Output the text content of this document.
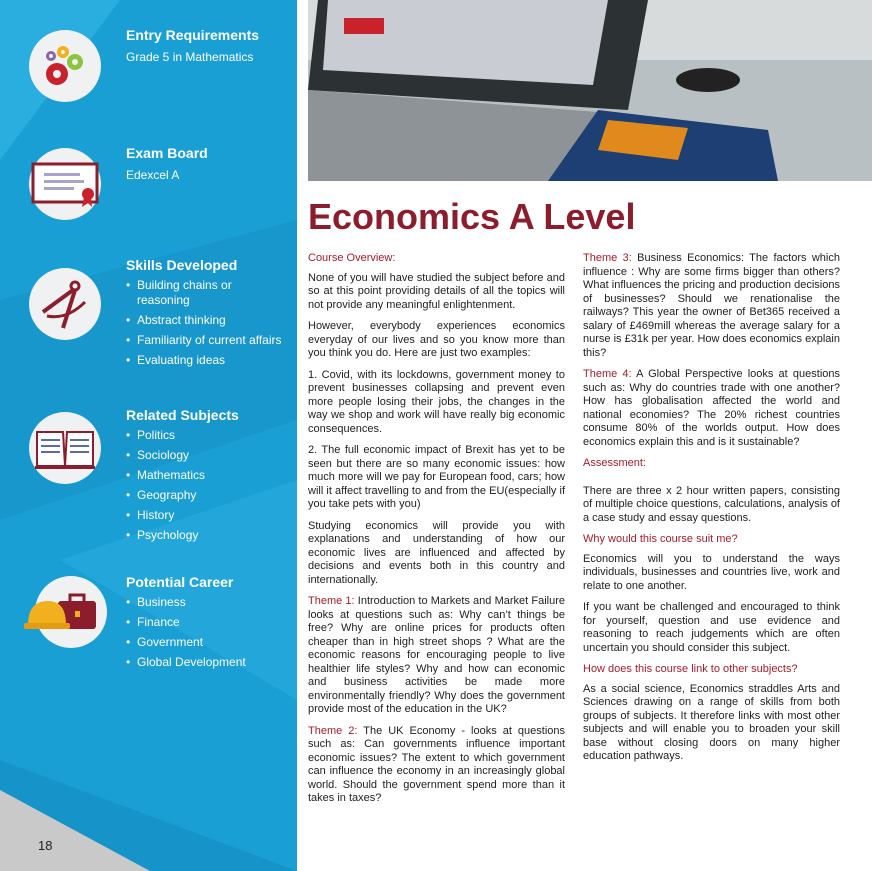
Entry Requirements
Grade 5 in Mathematics
Exam Board
Edexcel A
Skills Developed
• Building chains or reasoning
• Abstract thinking
• Familiarity of current affairs
• Evaluating ideas
Related Subjects
• Politics
• Sociology
• Mathematics
• Geography
• History
• Psychology
Potential Career
• Business
• Finance
• Government
• Global Development
18
Economics A Level
Course Overview:

None of you will have studied the subject before and so at this point providing details of all the topics will not provide any meaningful enlightenment.

However, everybody experiences economics everyday of our lives and so you know more than you think you do. Here are just two examples:

1. Covid, with its lockdowns, government money to prevent businesses collapsing and prevent even more people losing their jobs, the changes in the way we shop and work will have really big economic consequences.

2. The full economic impact of Brexit has yet to be seen but there are so many economic issues: how much more will we pay for European food, cars; how will it affect travelling to and from the EU(especially if you take pets with you)

Studying economics will provide you with explanations and understanding of how our economic lives are influenced and affected by decisions and events both in this country and internationally.

Theme 1: Introduction to Markets and Market Failure looks at questions such as: Why can’t things be free? Why are online prices for products often cheaper than in high street shops ? What are the economic reasons for encouraging people to live healthier life styles? Why and how can economic and business activities be made more environmentally friendly? Why does the government provide most of the education in the UK?

Theme 2: The UK Economy - looks at questions such as: Can governments influence important economic issues? The extent to which government can influence the economy in an increasingly global world. Should the government spend more than it takes in taxes?

Theme 3: Business Economics: The factors which influence : Why are some firms bigger than others? What influences the pricing and production decisions of businesses? Should we renationalise the railways? This year the owner of Bet365 received a salary of £469mill whereas the average salary for a nurse is £31k per year. How does economics explain this?

Theme 4: A Global Perspective looks at questions such as: Why do countries trade with one another? How has globalisation affected the world and national economies? The 20% richest countries consume 80% of the worlds output. How does economics explain this and is it sustainable?

Assessment:

There are three x 2 hour written papers, consisting of multiple choice questions, calculations, analysis of a case study and essay questions.

Why would this course suit me?

Economics will you to understand the ways individuals, businesses and countries live, work and relate to one another.

If you want be challenged and encouraged to think for yourself, question and use evidence and reasoning to reach judgements which are often uncertain you should consider this subject.

How does this course link to other subjects?

As a social science, Economics straddles Arts and Sciences drawing on a range of skills from both groups of subjects. It therefore links with most other subjects and will enable you to broaden your skill base without closing doors on many higher education pathways.
